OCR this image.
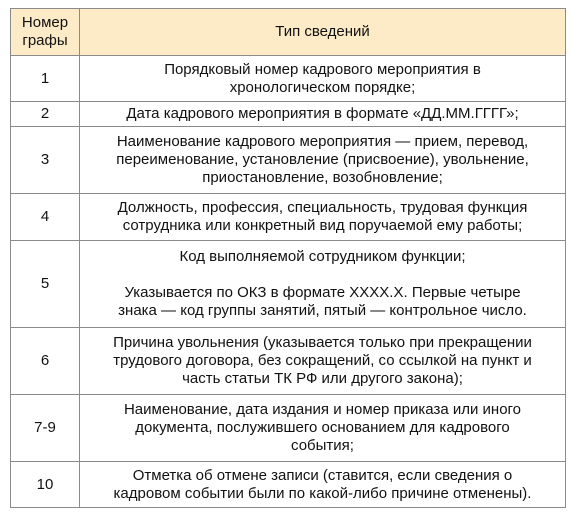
Номер
графы	Тип сведений
1	Порядковый номер кадрового мероприятия в
хронологическом порядке;

2	Дата кадрового мероприятия в формате «ДД.ММ.ГГГГ»;

3	Наименование кадрового мероприятия — прием, перевод,
переименование, установление (присвоение), увольнение,
приостановление, возобновление;

4	Должность, профессия, специальность, трудовая функция
сотрудника или конкретный вид поручаемой ему работы;

5	Код выполняемой сотрудником функции;
Указывается по ОКЗ в формате ХХХХ.Х. Первые четыре
знака — код группы занятий, пятый — контрольное число.

6	Причина увольнения (указывается только при прекращении
трудового договора, без сокращений, со ссылкой на пункт и
часть статьи ТК РФ или другого закона);

7-9	Наименование, дата издания и номер приказа или иного
документа, послужившего основанием для кадрового
события;

10	Отметка об отмене записи (ставится, если сведения о
кадровом событии были по какой-либо причине отменены).
